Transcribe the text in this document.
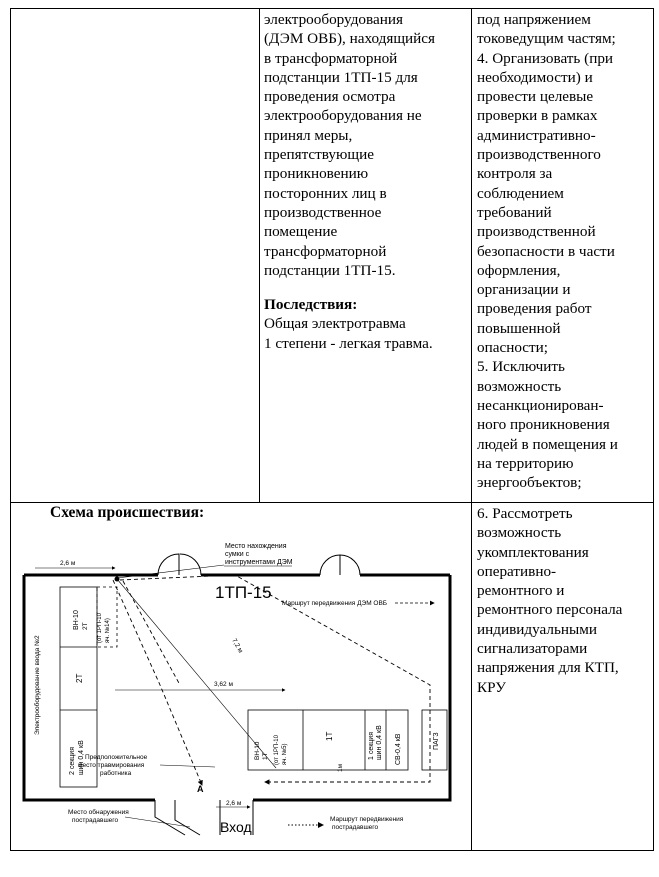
электрооборудования
(ДЭМ ОВБ), находящийся
в трансформаторной
подстанции 1ТП-15 для
проведения осмотра
электрооборудования не
принял меры,
препятствующие
проникновению
посторонних лиц в
производственное
помещение
трансформаторной
подстанции 1ТП-15.
Последствия:
Общая электротравма
1 степени - легкая травма.
под напряжением
токоведущим частям;
4. Организовать (при
необходимости) и
провести целевые
проверки в рамках
административно-
производственного
контроля за
соблюдением
требований
производственной
безопасности в части
оформления,
организации и
проведения работ
повышенной
опасности;
5. Исключить
возможность
несанкционирован-
ного проникновения
людей в помещения и
на территорию
энергообъектов;
6. Рассмотреть
возможность
укомплектования
оперативно-
ремонтного и
ремонтного персонала
индивидуальными
сигнализаторами
напряжения для КТП,
КРУ
Схема происшествия:
ВН-10 2Т (от 1РП-10 яч. №14)
2Т
2 секция шин 0,4 кВ
Электрооборудование ввода №2
ВН-10 1Т (от 1РП-10 яч. №5)
1Т	1 секция шин 0,4 кВ СВ-0,4 кВ	ПАГЗ
1ТП-15
Место нахождения
сумки с
инструментами ДЭМ
Маршрут передвижения ДЭМ ОВБ
2,6 м
3,62 м
2,6 м
7,2 м
1м
А
Предположительное
место травмирования
работника
Место обнаружения
пострадавшего	Вход	Маршрут передвижения
пострадавшего
